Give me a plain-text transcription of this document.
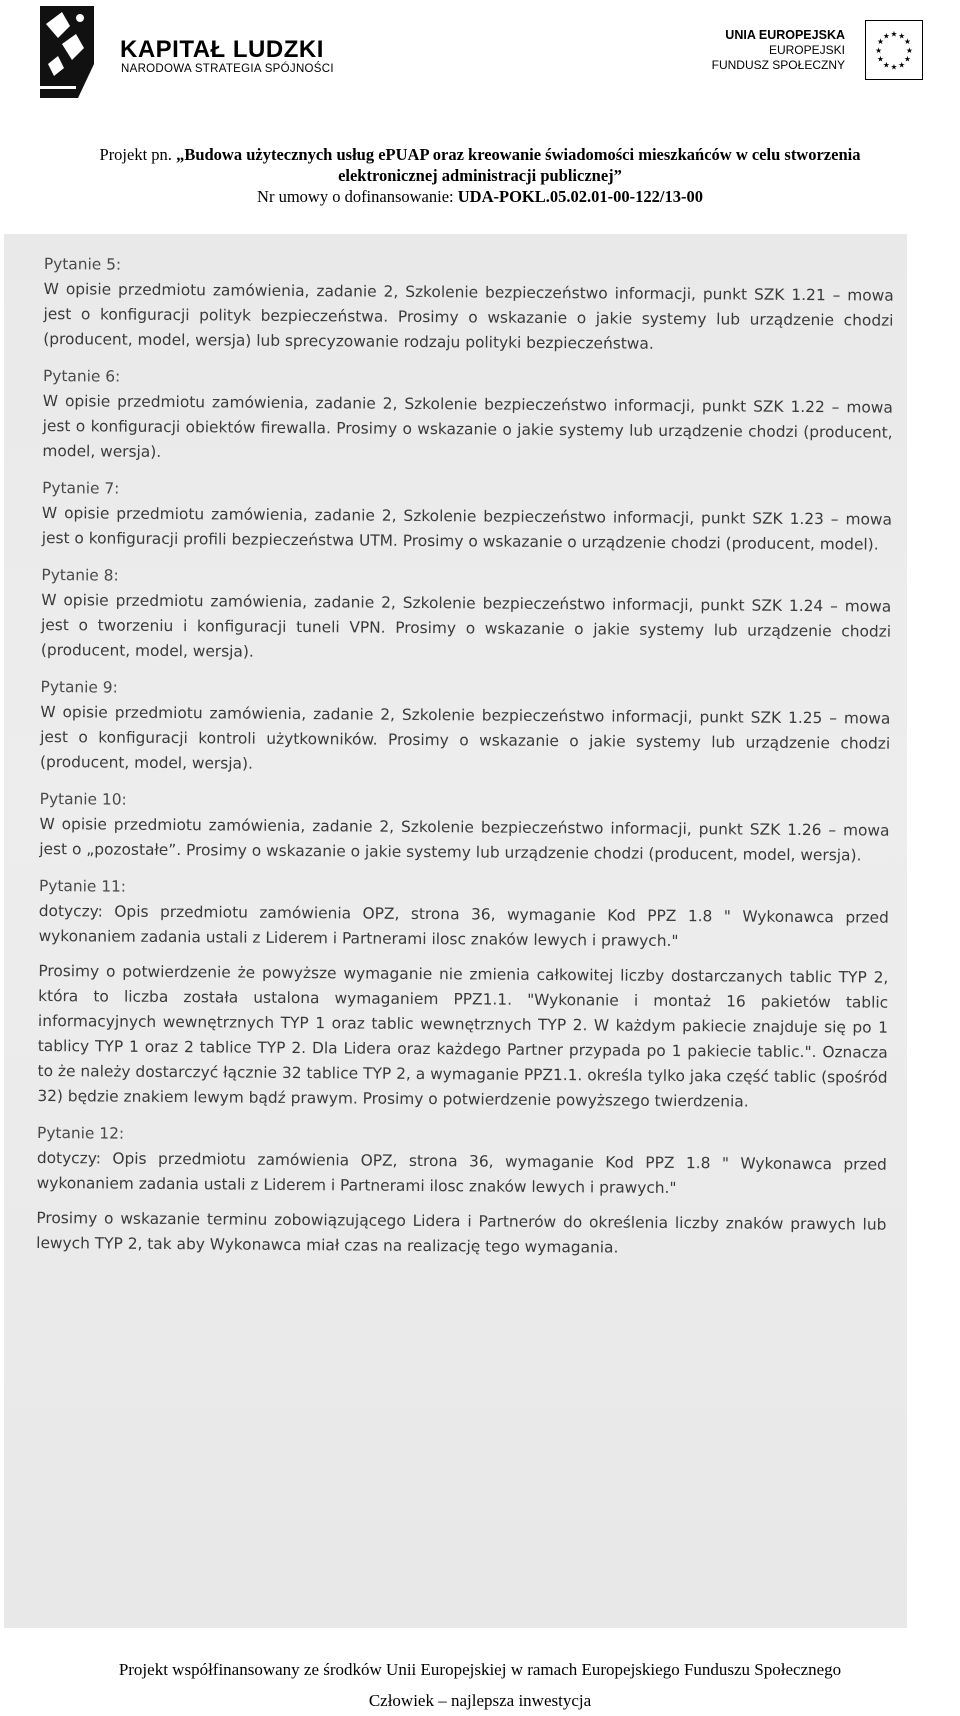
KAPITAŁ LUDZKI
NARODOWA STRATEGIA SPÓJNOŚCI
UNIA EUROPEJSKA
EUROPEJSKI
FUNDUSZ SPOŁECZNY
★ ★
★
★
★
★
★
★
★
★
★
★
Projekt pn. „Budowa użytecznych usług ePUAP oraz kreowanie świadomości mieszkańców w celu stworzenia
elektronicznej administracji publicznej”
Nr umowy o dofinansowanie: UDA-POKL.05.02.01-00-122/13-00

Pytanie 5:

W opisie przedmiotu zamówienia, zadanie 2, Szkolenie bezpieczeństwo informacji, punkt SZK 1.21 – mowa jest o konfiguracji polityk bezpieczeństwa. Prosimy o wskazanie o jakie systemy lub urządzenie chodzi (producent, model, wersja) lub sprecyzowanie rodzaju polityki bezpieczeństwa.

Pytanie 6:

W opisie przedmiotu zamówienia, zadanie 2, Szkolenie bezpieczeństwo informacji, punkt SZK 1.22 – mowa jest o konfiguracji obiektów firewalla. Prosimy o wskazanie o jakie systemy lub urządzenie chodzi (producent, model, wersja).

Pytanie 7:

W opisie przedmiotu zamówienia, zadanie 2, Szkolenie bezpieczeństwo informacji, punkt SZK 1.23 – mowa jest o konfiguracji profili bezpieczeństwa UTM. Prosimy o wskazanie o urządzenie chodzi (producent, model).

Pytanie 8:

W opisie przedmiotu zamówienia, zadanie 2, Szkolenie bezpieczeństwo informacji, punkt SZK 1.24 – mowa jest o tworzeniu i konfiguracji tuneli VPN. Prosimy o wskazanie o jakie systemy lub urządzenie chodzi (producent, model, wersja).

Pytanie 9:

W opisie przedmiotu zamówienia, zadanie 2, Szkolenie bezpieczeństwo informacji, punkt SZK 1.25 – mowa jest o konfiguracji kontroli użytkowników. Prosimy o wskazanie o jakie systemy lub urządzenie chodzi (producent, model, wersja).

Pytanie 10:

W opisie przedmiotu zamówienia, zadanie 2, Szkolenie bezpieczeństwo informacji, punkt SZK 1.26 – mowa jest o „pozostałe”. Prosimy o wskazanie o jakie systemy lub urządzenie chodzi (producent, model, wersja).

Pytanie 11:

dotyczy: Opis przedmiotu zamówienia OPZ, strona 36, wymaganie Kod PPZ 1.8 " Wykonawca przed wykonaniem zadania ustali z Liderem i Partnerami ilosc znaków lewych i prawych."

Prosimy o potwierdzenie że powyższe wymaganie nie zmienia całkowitej liczby dostarczanych tablic TYP 2, która to liczba została ustalona wymaganiem PPZ1.1. "Wykonanie i montaż 16 pakietów tablic informacyjnych wewnętrznych TYP 1 oraz tablic wewnętrznych TYP 2. W każdym pakiecie znajduje się po 1 tablicy TYP 1 oraz 2 tablice TYP 2. Dla Lidera oraz każdego Partner przypada po 1 pakiecie tablic.". Oznacza to że należy dostarczyć łącznie 32 tablice TYP 2, a wymaganie PPZ1.1. określa tylko jaka część tablic (spośród 32) będzie znakiem lewym bądź prawym. Prosimy o potwierdzenie powyższego twierdzenia.

Pytanie 12:

dotyczy: Opis przedmiotu zamówienia OPZ, strona 36, wymaganie Kod PPZ 1.8 " Wykonawca przed wykonaniem zadania ustali z Liderem i Partnerami ilosc znaków lewych i prawych."

Prosimy o wskazanie terminu zobowiązującego Lidera i Partnerów do określenia liczby znaków prawych lub lewych TYP 2, tak aby Wykonawca miał czas na realizację tego wymagania.

Projekt współfinansowany ze środków Unii Europejskiej w ramach Europejskiego Funduszu Społecznego
Człowiek – najlepsza inwestycja
